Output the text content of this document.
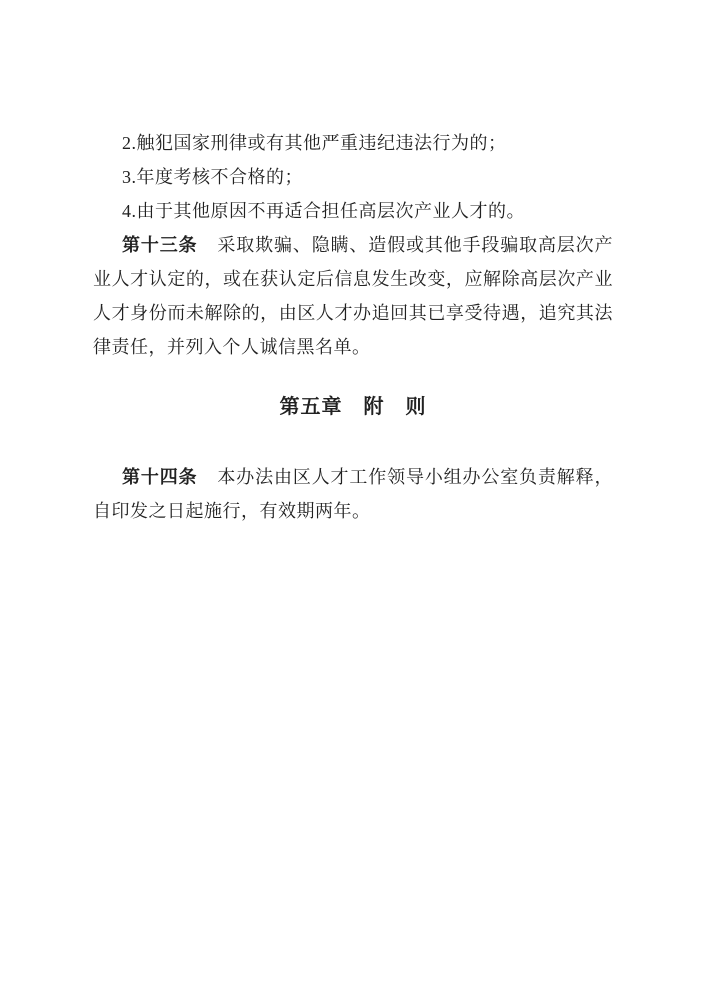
2.触犯国家刑律或有其他严重违纪违法行为的；
3.年度考核不合格的；
4.由于其他原因不再适合担任高层次产业人才的。
第十三条 采取欺骗、隐瞒、造假或其他手段骗取高层次产
业人才认定的，或在获认定后信息发生改变，应解除高层次产业
人才身份而未解除的，由区人才办追回其已享受待遇，追究其法
律责任，并列入个人诚信黑名单。
第五章　附　则
第十四条 本办法由区人才工作领导小组办公室负责解释，
自印发之日起施行，有效期两年。
